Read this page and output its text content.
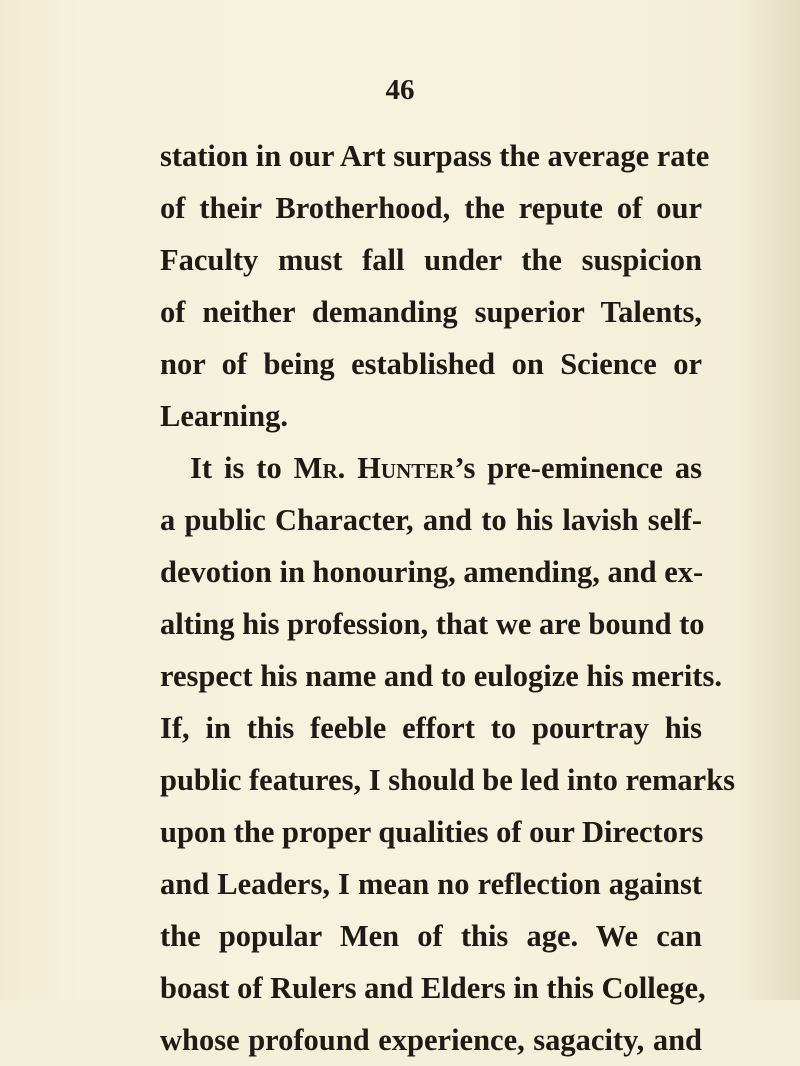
46
station in our Art surpass the average rate
of their Brotherhood, the repute of our
Faculty must fall under the suspicion
of neither demanding superior Talents,
nor of being established on Science or
Learning.
It is to Mr. Hunter’s pre-eminence as
a public Character, and to his lavish self-
devotion in honouring, amending, and ex-
alting his profession, that we are bound to
respect his name and to eulogize his merits.
If, in this feeble effort to pourtray his
public features, I should be led into remarks
upon the proper qualities of our Directors
and Leaders, I mean no reflection against
the popular Men of this age. We can
boast of Rulers and Elders in this College,
whose profound experience, sagacity, and
